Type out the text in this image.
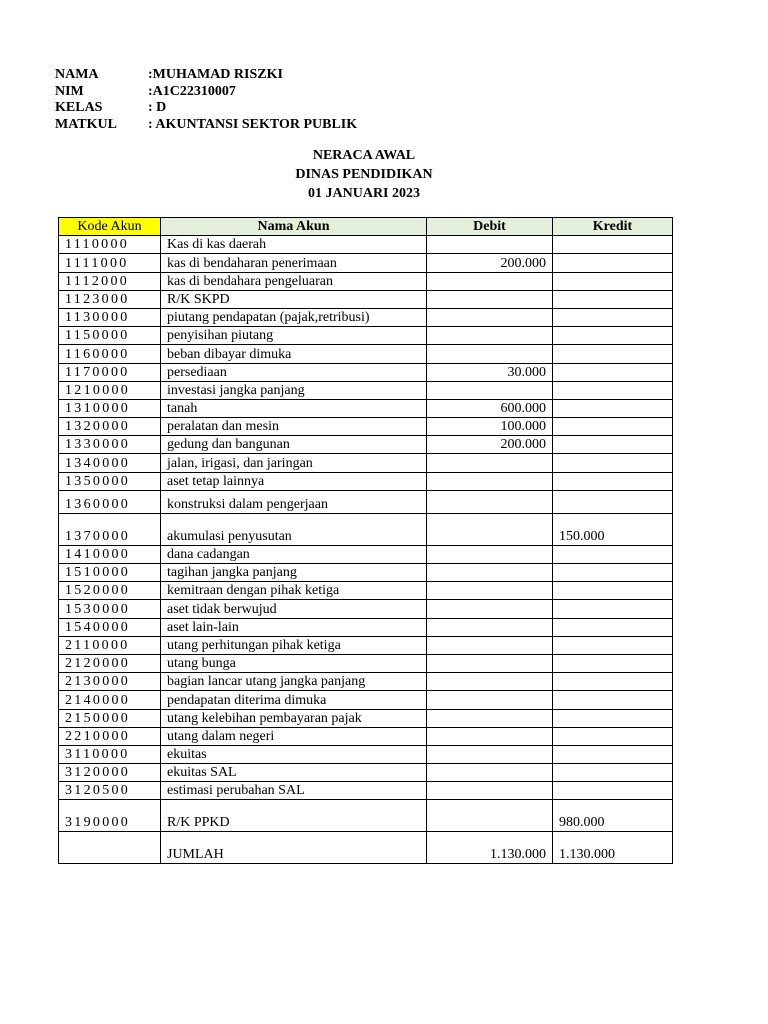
NAMA	:MUHAMAD RISZKI
NIM	:A1C22310007
KELAS	: D
MATKUL	: AKUNTANSI SEKTOR PUBLIK
NERACA AWAL
DINAS PENDIDIKAN
01 JANUARI 2023
Kode Akun	Nama Akun	Debit	Kredit
1110000	Kas di kas daerah		
1111000	kas di bendaharan penerimaan	200.000	
1112000	kas di bendahara pengeluaran		
1123000	R/K SKPD		
1130000	piutang pendapatan (pajak,retribusi)		
1150000	penyisihan piutang		
1160000	beban dibayar dimuka		
1170000	persediaan	30.000	
1210000	investasi jangka panjang		
1310000	tanah	600.000	
1320000	peralatan dan mesin	100.000	
1330000	gedung dan bangunan	200.000	
1340000	jalan, irigasi, dan jaringan		
1350000	aset tetap lainnya		
1360000	konstruksi dalam pengerjaan		
1370000	akumulasi penyusutan		150.000
1410000	dana cadangan		
1510000	tagihan jangka panjang		
1520000	kemitraan dengan pihak ketiga		
1530000	aset tidak berwujud		
1540000	aset lain-lain		
2110000	utang perhitungan pihak ketiga		
2120000	utang bunga		
2130000	bagian lancar utang jangka panjang		
2140000	pendapatan diterima dimuka		
2150000	utang kelebihan pembayaran pajak		
2210000	utang dalam negeri		
3110000	ekuitas		
3120000	ekuitas SAL		
3120500	estimasi perubahan SAL		
3190000	R/K PPKD		980.000
	JUMLAH	1.130.000	1.130.000
